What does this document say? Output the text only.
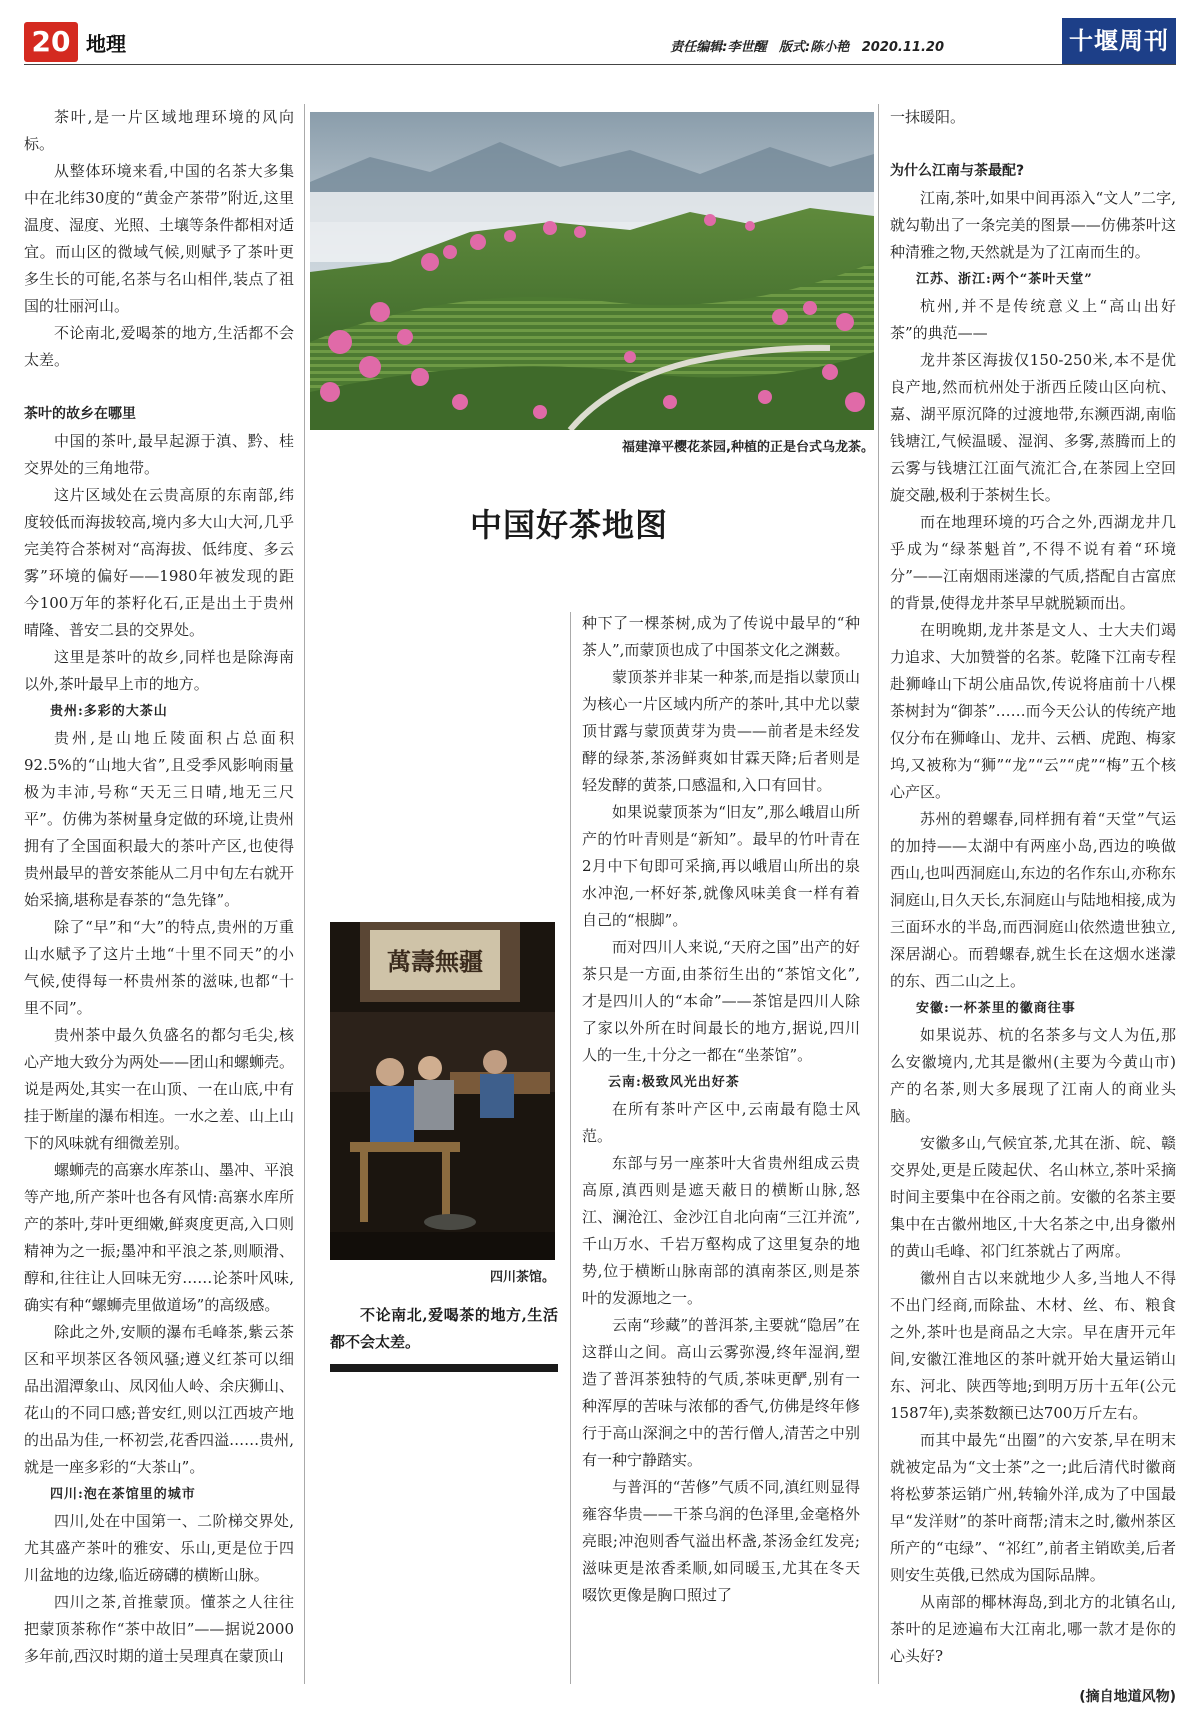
20 地理	责任编辑:李世醒 版式:陈小艳 2020.11.20	十堰周刊

茶叶,是一片区域地理环境的风向标。

从整体环境来看,中国的名茶大多集中在北纬30度的“黄金产茶带”附近,这里温度、湿度、光照、土壤等条件都相对适宜。而山区的微域气候,则赋予了茶叶更多生长的可能,名茶与名山相伴,装点了祖国的壮丽河山。

不论南北,爱喝茶的地方,生活都不会太差。

茶叶的故乡在哪里

中国的茶叶,最早起源于滇、黔、桂交界处的三角地带。

这片区域处在云贵高原的东南部,纬度较低而海拔较高,境内多大山大河,几乎完美符合茶树对“高海拔、低纬度、多云雾”环境的偏好——1980年被发现的距今100万年的茶籽化石,正是出土于贵州晴隆、普安二县的交界处。

这里是茶叶的故乡,同样也是除海南以外,茶叶最早上市的地方。

贵州:多彩的大茶山

贵州,是山地丘陵面积占总面积92.5%的“山地大省”,且受季风影响雨量极为丰沛,号称“天无三日晴,地无三尺平”。仿佛为茶树量身定做的环境,让贵州拥有了全国面积最大的茶叶产区,也使得贵州最早的普安茶能从二月中旬左右就开始采摘,堪称是春茶的“急先锋”。

除了“早”和“大”的特点,贵州的万重山水赋予了这片土地“十里不同天”的小气候,使得每一杯贵州茶的滋味,也都“十里不同”。

贵州茶中最久负盛名的都匀毛尖,核心产地大致分为两处——团山和螺蛳壳。说是两处,其实一在山顶、一在山底,中有挂于断崖的瀑布相连。一水之差、山上山下的风味就有细微差别。

螺蛳壳的高寨水库茶山、墨冲、平浪等产地,所产茶叶也各有风情:高寨水库所产的茶叶,芽叶更细嫩,鲜爽度更高,入口则精神为之一振;墨冲和平浪之茶,则顺滑、醇和,往往让人回味无穷……论茶叶风味,确实有种“螺蛳壳里做道场”的高级感。

除此之外,安顺的瀑布毛峰茶,紫云茶区和平坝茶区各领风骚;遵义红茶可以细品出湄潭象山、凤冈仙人岭、余庆狮山、花山的不同口感;普安红,则以江西坡产地的出品为佳,一杯初尝,花香四溢……贵州,就是一座多彩的“大茶山”。

四川:泡在茶馆里的城市

四川,处在中国第一、二阶梯交界处,尤其盛产茶叶的雅安、乐山,更是位于四川盆地的边缘,临近磅礴的横断山脉。

四川之茶,首推蒙顶。懂茶之人往往把蒙顶茶称作“茶中故旧”——据说2000多年前,西汉时期的道士吴理真在蒙顶山

福建漳平樱花茶园,种植的正是台式乌龙茶。
中国好茶地图
萬壽無疆
四川茶馆。

不论南北,爱喝茶的地方,生活都不会太差。

种下了一棵茶树,成为了传说中最早的“种茶人”,而蒙顶也成了中国茶文化之渊薮。

蒙顶茶并非某一种茶,而是指以蒙顶山为核心一片区域内所产的茶叶,其中尤以蒙顶甘露与蒙顶黄芽为贵——前者是未经发酵的绿茶,茶汤鲜爽如甘霖天降;后者则是轻发酵的黄茶,口感温和,入口有回甘。

如果说蒙顶茶为“旧友”,那么峨眉山所产的竹叶青则是“新知”。最早的竹叶青在2月中下旬即可采摘,再以峨眉山所出的泉水冲泡,一杯好茶,就像风味美食一样有着自己的“根脚”。

而对四川人来说,“天府之国”出产的好茶只是一方面,由茶衍生出的“茶馆文化”,才是四川人的“本命”——茶馆是四川人除了家以外所在时间最长的地方,据说,四川人的一生,十分之一都在“坐茶馆”。

云南:极致风光出好茶

在所有茶叶产区中,云南最有隐士风范。

东部与另一座茶叶大省贵州组成云贵高原,滇西则是遮天蔽日的横断山脉,怒江、澜沧江、金沙江自北向南“三江并流”,千山万水、千岩万壑构成了这里复杂的地势,位于横断山脉南部的滇南茶区,则是茶叶的发源地之一。

云南“珍藏”的普洱茶,主要就“隐居”在这群山之间。高山云雾弥漫,终年湿润,塑造了普洱茶独特的气质,茶味更酽,别有一种浑厚的苦味与浓郁的香气,仿佛是终年修行于高山深涧之中的苦行僧人,清苦之中别有一种宁静踏实。

与普洱的“苦修”气质不同,滇红则显得雍容华贵——干茶乌润的色泽里,金毫格外亮眼;冲泡则香气溢出杯盏,茶汤金红发亮;滋味更是浓香柔顺,如同暖玉,尤其在冬天啜饮更像是胸口照过了

一抹暖阳。

为什么江南与茶最配?

江南,茶叶,如果中间再添入“文人”二字,就勾勒出了一条完美的图景——仿佛茶叶这种清雅之物,天然就是为了江南而生的。

江苏、浙江:两个“茶叶天堂”

杭州,并不是传统意义上“高山出好茶”的典范——

龙井茶区海拔仅150-250米,本不是优良产地,然而杭州处于浙西丘陵山区向杭、嘉、湖平原沉降的过渡地带,东濒西湖,南临钱塘江,气候温暖、湿润、多雾,蒸腾而上的云雾与钱塘江江面气流汇合,在茶园上空回旋交融,极利于茶树生长。

而在地理环境的巧合之外,西湖龙井几乎成为“绿茶魁首”,不得不说有着“环境分”——江南烟雨迷濛的气质,搭配自古富庶的背景,使得龙井茶早早就脱颖而出。

在明晚期,龙井茶是文人、士大夫们竭力追求、大加赞誉的名茶。乾隆下江南专程赴狮峰山下胡公庙品饮,传说将庙前十八棵茶树封为“御茶”……而今天公认的传统产地仅分布在狮峰山、龙井、云栖、虎跑、梅家坞,又被称为“狮”“龙”“云”“虎”“梅”五个核心产区。

苏州的碧螺春,同样拥有着“天堂”气运的加持——太湖中有两座小岛,西边的唤做西山,也叫西洞庭山,东边的名作东山,亦称东洞庭山,日久天长,东洞庭山与陆地相接,成为三面环水的半岛,而西洞庭山依然遗世独立,深居湖心。而碧螺春,就生长在这烟水迷濛的东、西二山之上。

安徽:一杯茶里的徽商往事

如果说苏、杭的名茶多与文人为伍,那么安徽境内,尤其是徽州(主要为今黄山市)产的名茶,则大多展现了江南人的商业头脑。

安徽多山,气候宜茶,尤其在浙、皖、赣交界处,更是丘陵起伏、名山林立,茶叶采摘时间主要集中在谷雨之前。安徽的名茶主要集中在古徽州地区,十大名茶之中,出身徽州的黄山毛峰、祁门红茶就占了两席。

徽州自古以来就地少人多,当地人不得不出门经商,而除盐、木材、丝、布、粮食之外,茶叶也是商品之大宗。早在唐开元年间,安徽江淮地区的茶叶就开始大量运销山东、河北、陕西等地;到明万历十五年(公元1587年),卖茶数额已达700万斤左右。

而其中最先“出圈”的六安茶,早在明末就被定品为“文士茶”之一;此后清代时徽商将松萝茶运销广州,转输外洋,成为了中国最早“发洋财”的茶叶商帮;清末之时,徽州茶区所产的“屯绿”、“祁红”,前者主销欧美,后者则安生英俄,已然成为国际品牌。

从南部的椰林海岛,到北方的北镇名山,茶叶的足迹遍布大江南北,哪一款才是你的心头好?

(摘自地道风物)
